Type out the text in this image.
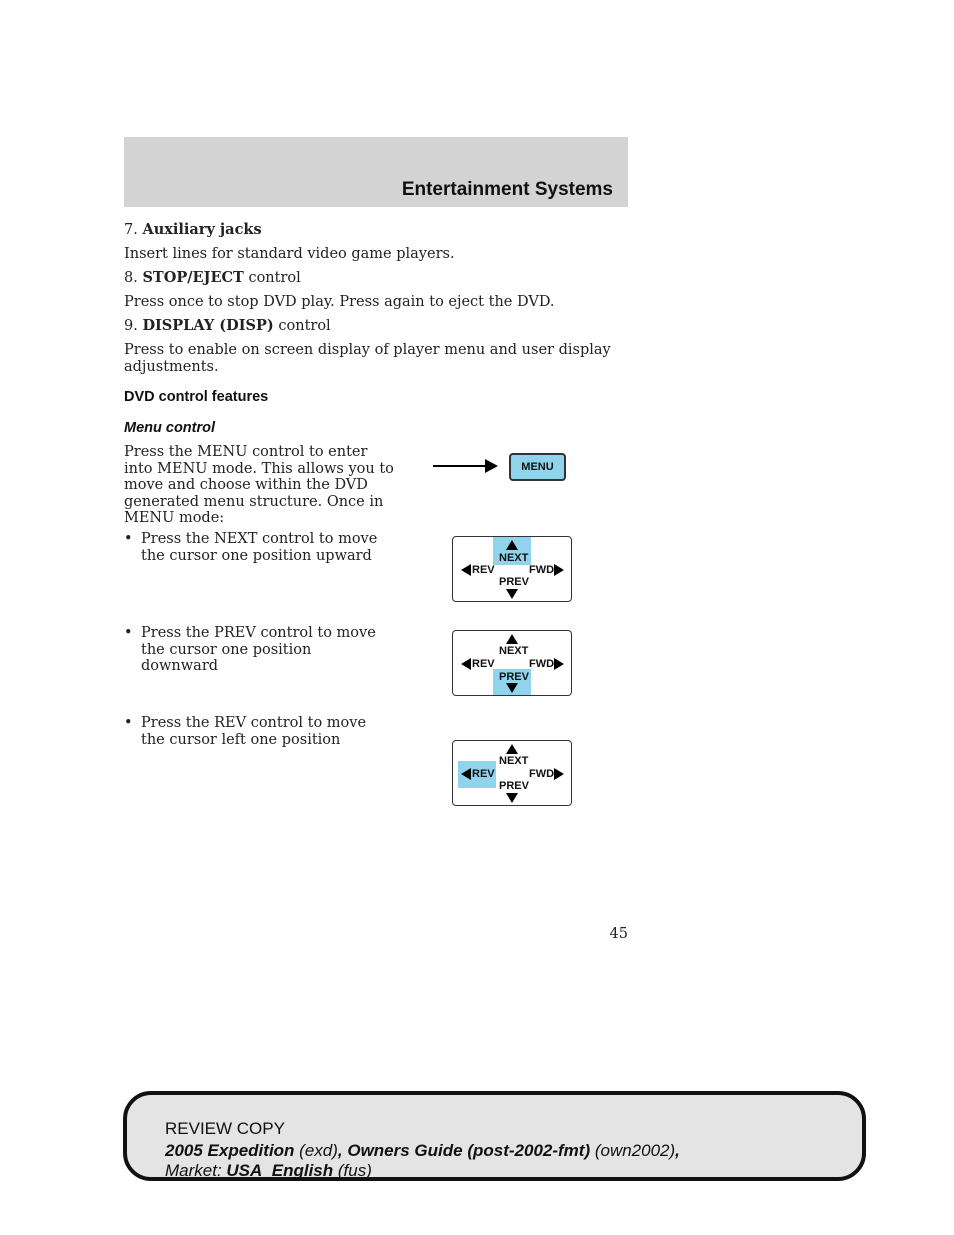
Entertainment Systems
7. Auxiliary jacks
Insert lines for standard video game players.
8. STOP/EJECT control
Press once to stop DVD play. Press again to eject the DVD.
9. DISPLAY (DISP) control
Press to enable on screen display of player menu and user display
adjustments.
DVD control features
Menu control
Press the MENU control to enter
into MENU mode. This allows you to
move and choose within the DVD
generated menu structure. Once in
MENU mode:
• Press the NEXT control to move
the cursor one position upward
• Press the PREV control to move
the cursor one position downward
• Press the REV control to move
the cursor left one position
MENU
NEXT
REV	FWD
PREV
NEXT
REV	FWD
PREV
NEXT
REV	FWD
PREV
45
REVIEW COPY
2005 Expedition (exd), Owners Guide (post-2002-fmt) (own2002),
Market: USA_English (fus)
